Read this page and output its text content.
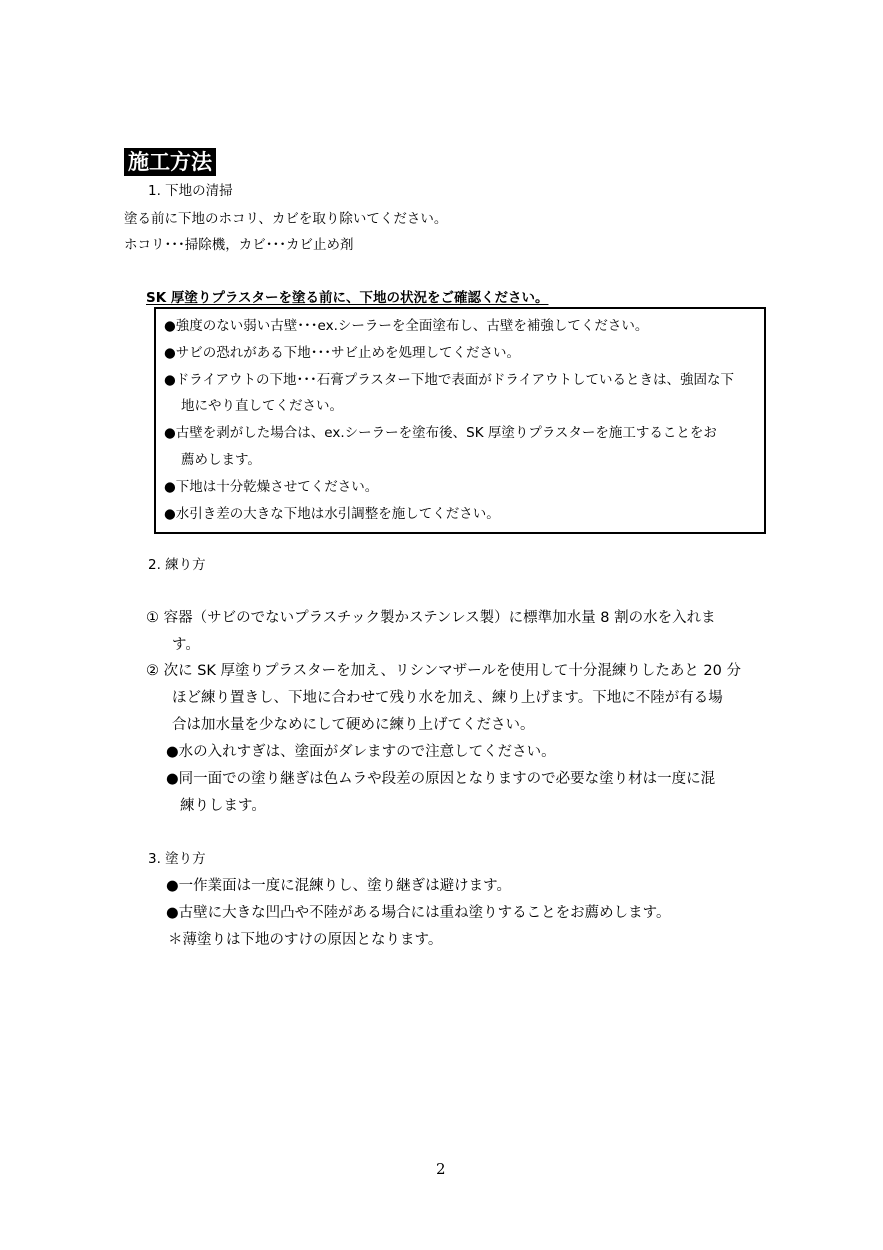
施工方法
1. 下地の清掃
塗る前に下地のホコリ、カビを取り除いてください。
ホコリ･･･掃除機，カビ･･･カビ止め剤
SK 厚塗りプラスターを塗る前に、下地の状況をご確認ください。
●強度のない弱い古壁･･･ex.シーラーを全面塗布し、古壁を補強してください。
●サビの恐れがある下地･･･サビ止めを処理してください。
●ドライアウトの下地･･･石膏プラスター下地で表面がドライアウトしているときは、強固な下
地にやり直してください。
●古壁を剥がした場合は、ex.シーラーを塗布後、SK 厚塗りプラスターを施工することをお
薦めします。
●下地は十分乾燥させてください。
●水引き差の大きな下地は水引調整を施してください。
2. 練り方
① 容器（サビのでないプラスチック製かステンレス製）に標準加水量 8 割の水を入れま
す。
② 次に SK 厚塗りプラスターを加え、リシンマザールを使用して十分混練りしたあと 20 分
ほど練り置きし、下地に合わせて残り水を加え、練り上げます。下地に不陸が有る場
合は加水量を少なめにして硬めに練り上げてください。
●水の入れすぎは、塗面がダレますので注意してください。
●同一面での塗り継ぎは色ムラや段差の原因となりますので必要な塗り材は一度に混
練りします。
3. 塗り方
●一作業面は一度に混練りし、塗り継ぎは避けます。
●古壁に大きな凹凸や不陸がある場合には重ね塗りすることをお薦めします。
＊薄塗りは下地のすけの原因となります。
2
